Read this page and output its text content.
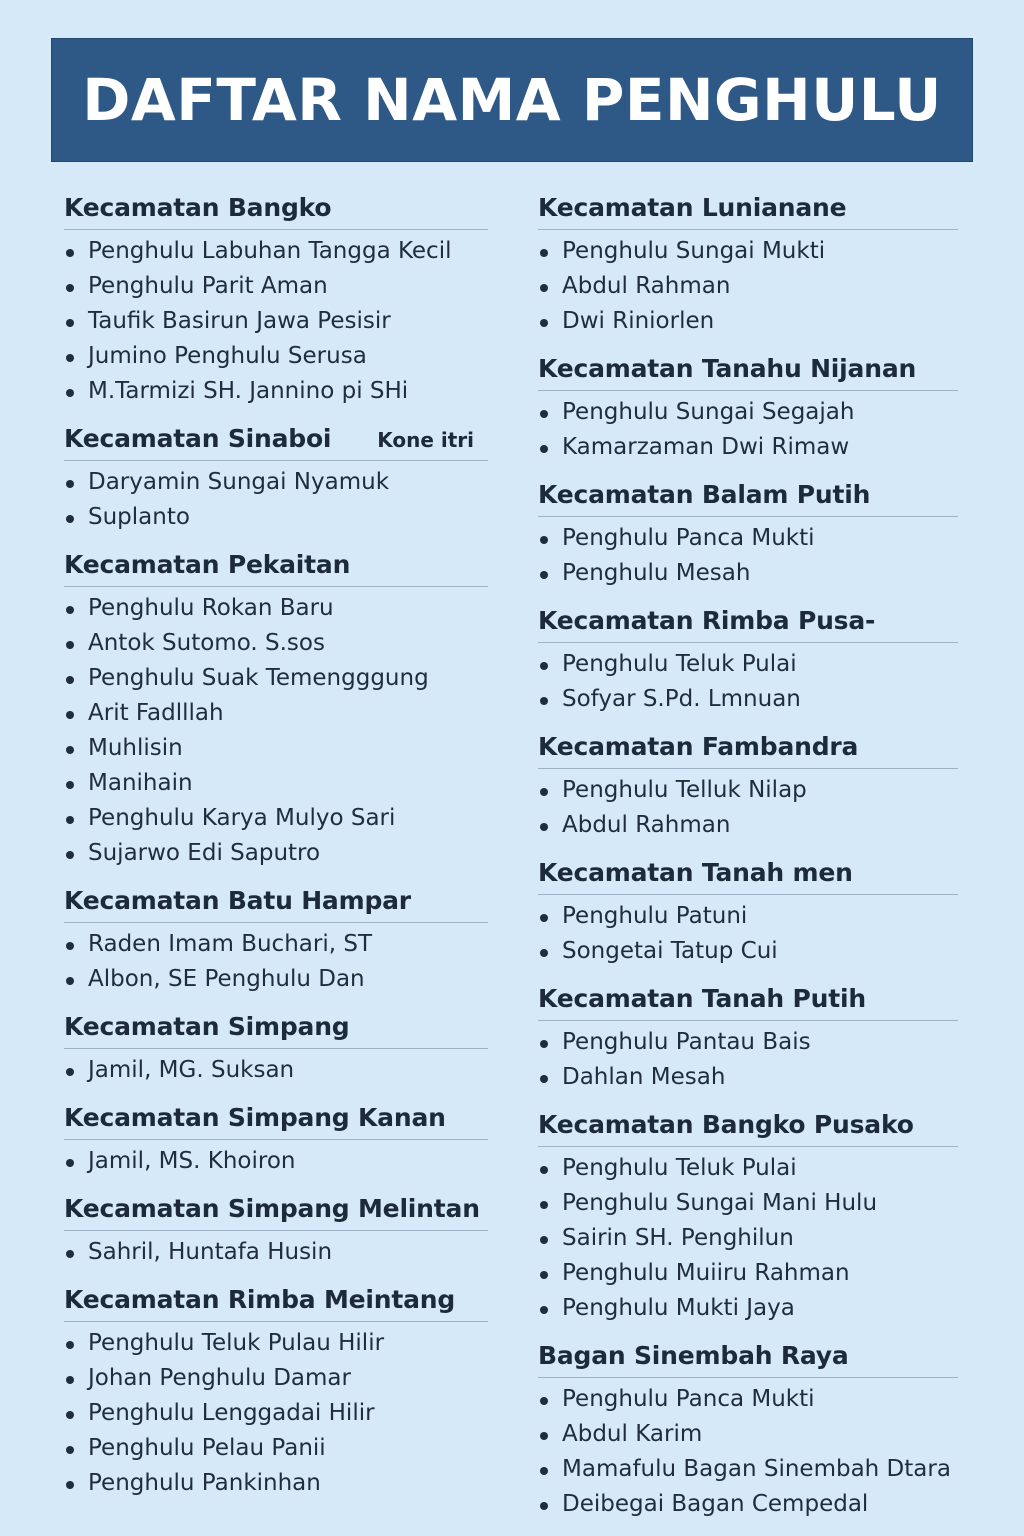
DAFTAR NAMA PENGHULU
Kecamatan Bangko
Penghulu Labuhan Tangga Kecil
Penghulu Parit Aman
Taufik Basirun Jawa Pesisir
Jumino Penghulu Serusa
M.Tarmizi SH. Jannino pi SHi
Kecamatan Sinaboi Kone itri
Daryamin Sungai Nyamuk
Suplanto
Kecamatan Pekaitan
Penghulu Rokan Baru
Antok Sutomo. S.sos
Penghulu Suak Temengggung
Arit Fadlllah
Muhlisin
Manihain
Penghulu Karya Mulyo Sari
Sujarwo Edi Saputro
Kecamatan Batu Hampar
Raden Imam Buchari, ST
Albon, SE Penghulu Dan
Kecamatan Simpang
Jamil, MG. Suksan
Kecamatan Simpang Kanan
Jamil, MS. Khoiron
Kecamatan Simpang Melintan
Sahril, Huntafa Husin
Kecamatan Rimba Meintang
Penghulu Teluk Pulau Hilir
Johan Penghulu Damar
Penghulu Lenggadai Hilir
Penghulu Pelau Panii
Penghulu Pankinhan
Kecamatan Lunianane
Penghulu Sungai Mukti
Abdul Rahman
Dwi Riniorlen
Kecamatan Tanahu Nijanan
Penghulu Sungai Segajah
Kamarzaman Dwi Rimaw
Kecamatan Balam Putih
Penghulu Panca Mukti
Penghulu Mesah
Kecamatan Rimba Pusa-
Penghulu Teluk Pulai
Sofyar S.Pd. Lmnuan
Kecamatan Fambandra
Penghulu Telluk Nilap
Abdul Rahman
Kecamatan Tanah men
Penghulu Patuni
Songetai Tatup Cui
Kecamatan Tanah Putih
Penghulu Pantau Bais
Dahlan Mesah
Kecamatan Bangko Pusako
Penghulu Teluk Pulai
Penghulu Sungai Mani Hulu
Sairin SH. Penghilun
Penghulu Muiiru Rahman
Penghulu Mukti Jaya
Bagan Sinembah Raya
Penghulu Panca Mukti
Abdul Karim
Mamafulu Bagan Sinembah Dtara
Deibegai Bagan Cempedal
